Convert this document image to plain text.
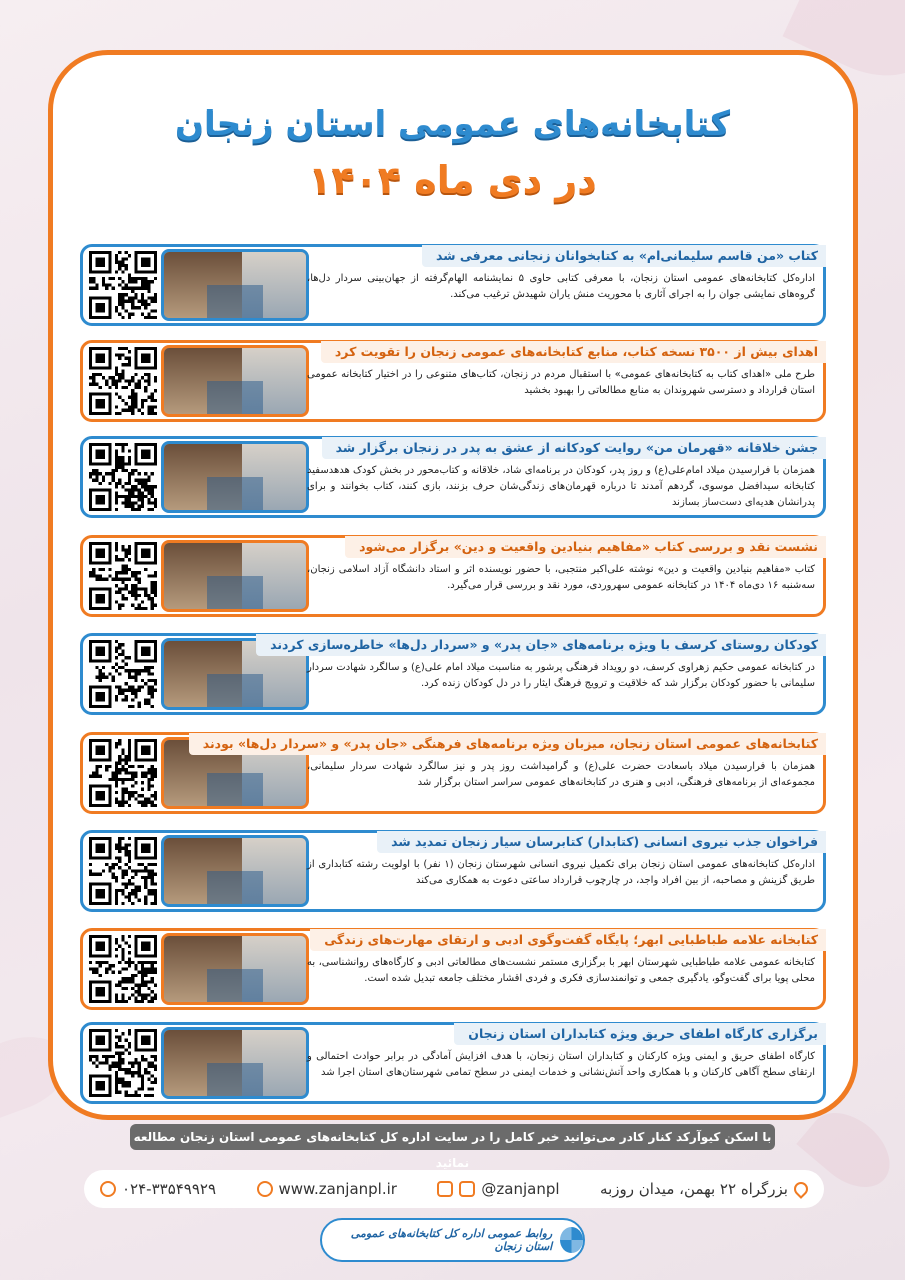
کتابخانه‌های عمومی استان زنجان
در دی ماه ۱۴۰۴
کتاب «من قاسم سلیمانی‌ام» به کتابخوانان زنجانی معرفی شد
اداره‌کل کتابخانه‌های عمومی استان زنجان، با معرفی کتابی حاوی ۵ نمایشنامه الهام‌گرفته از جهان‌بینی سردار دل‌ها، گروه‌های نمایشی جوان را به اجرای آثاری با محوریت منش یاران شهیدش ترغیب می‌کند.
اهدای بیش از ۳۵۰۰ نسخه کتاب، منابع کتابخانه‌های عمومی زنجان را تقویت کرد
طرح ملی «اهدای کتاب به کتابخانه‌های عمومی» با استقبال مردم در زنجان، کتاب‌های متنوعی را در اختیار کتابخانه عمومی استان قرارداد و دسترسی شهروندان به منابع مطالعاتی را بهبود بخشید
جشن خلاقانه «قهرمان من» روایت کودکانه از عشق به پدر در زنجان برگزار شد
همزمان با فرارسیدن میلاد امام‌علی(ع) و روز پدر، کودکان در برنامه‌ای شاد، خلاقانه و کتاب‌محور در بخش کودک هدهدسفید کتابخانه سیدافضل موسوی، گردهم آمدند تا درباره قهرمان‌های زندگی‌شان حرف بزنند، بازی کنند، کتاب بخوانند و برای پدرانشان هدیه‌ای دست‌ساز بسازند
نشست نقد و بررسی کتاب «مفاهیم بنیادین واقعیت و دین» برگزار می‌شود
کتاب «مفاهیم بنیادین واقعیت و دین» نوشته علی‌اکبر منتجبی، با حضور نویسنده اثر و استاد دانشگاه آزاد اسلامی زنجان، سه‌شنبه ۱۶ دی‌ماه ۱۴۰۴ در کتابخانه عمومی سهروردی، مورد نقد و بررسی قرار می‌گیرد.
کودکان روستای کرسف با ویژه برنامه‌های «جان پدر» و «سردار دل‌ها» خاطره‌سازی کردند
در کتابخانه عمومی حکیم زهراوی کرسف، دو رویداد فرهنگی پرشور به مناسبت میلاد امام علی(ع) و سالگرد شهادت سردار سلیمانی با حضور کودکان برگزار شد که خلاقیت و ترویج فرهنگ ایثار را در دل کودکان زنده کرد.
کتابخانه‌های عمومی استان زنجان، میزبان ویژه برنامه‌های فرهنگی «جان پدر» و «سردار دل‌ها» بودند
همزمان با فرارسیدن میلاد باسعادت حضرت علی(ع) و گرامیداشت روز پدر و نیز سالگرد شهادت سردار سلیمانی، مجموعه‌ای از برنامه‌های فرهنگی، ادبی و هنری در کتابخانه‌های عمومی سراسر استان برگزار شد
فراخوان جذب نیروی انسانی (کتابدار) کتابرسان سیار زنجان تمدید شد
اداره‌کل کتابخانه‌های عمومی استان زنجان برای تکمیل نیروی انسانی شهرستان زنجان (۱ نفر) با اولویت رشته کتابداری از طریق گزینش و مصاحبه، از بین افراد واجد، در چارچوب قرارداد ساعتی دعوت به همکاری می‌کند
کتابخانه علامه طباطبایی ابهر؛ پایگاه گفت‌وگوی ادبی و ارتقای مهارت‌های زندگی
کتابخانه عمومی علامه طباطبایی شهرستان ابهر با برگزاری مستمر نشست‌های مطالعاتی ادبی و کارگاه‌های روانشناسی، به محلی پویا برای گفت‌وگو، یادگیری جمعی و توانمندسازی فکری و فردی اقشار مختلف جامعه تبدیل شده است.
برگزاری کارگاه اطفای حریق ویژه کتابداران استان زنجان
کارگاه اطفای حریق و ایمنی ویژه کارکنان و کتابداران استان زنجان، با هدف افزایش آمادگی در برابر حوادث احتمالی و ارتقای سطح آگاهی کارکنان و با همکاری واحد آتش‌نشانی و خدمات ایمنی در سطح تمامی شهرستان‌های استان اجرا شد
با اسکن کیوآرکد کنار کادر می‌توانید خبر کامل را در سایت اداره کل کتابخانه‌های عمومی استان زنجان مطالعه نمائید
۰۲۴-۳۳۵۴۹۹۲۹	www.zanjanpl.ir	@zanjanpl	بزرگراه ۲۲ بهمن، میدان روزبه
روابط عمومی اداره کل کتابخانه‌های عمومی استان زنجان
